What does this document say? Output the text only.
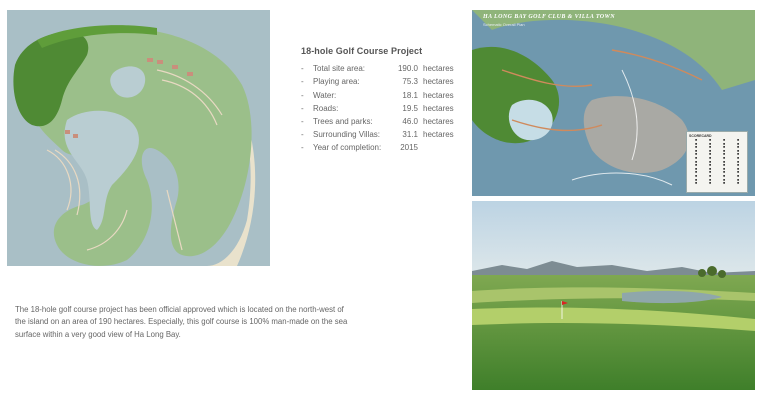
18-hole Golf Course Project
-	Total site area:	190.0 hectares
-	Playing area:	75.3 hectares
-	Water:	18.1 hectares
-	Roads:	19.5 hectares
-	Trees and parks:	46.0 hectares
-	Surrounding Villas:	31.1 hectares
-	Year of completion:	2015
The 18-hole golf course project has been official approved which is located on the north-west of the island on an area of 190 hectares. Especially, this golf course is 100% man-made on the sea surface within a very good view of Ha Long Bay.
HA LONG BAY GOLF CLUB & VILLA TOWN
Schematic Overall Plan
SCORECARD
■	■	■	■
■	■	■	■
■	■	■	■
■	■	■	■
■	■	■	■
■	■	■	■
■	■	■	■
■	■	■	■
■	■	■	■
■	■	■	■
■	■	■	■
■	■	■	■
■	■	■	■
